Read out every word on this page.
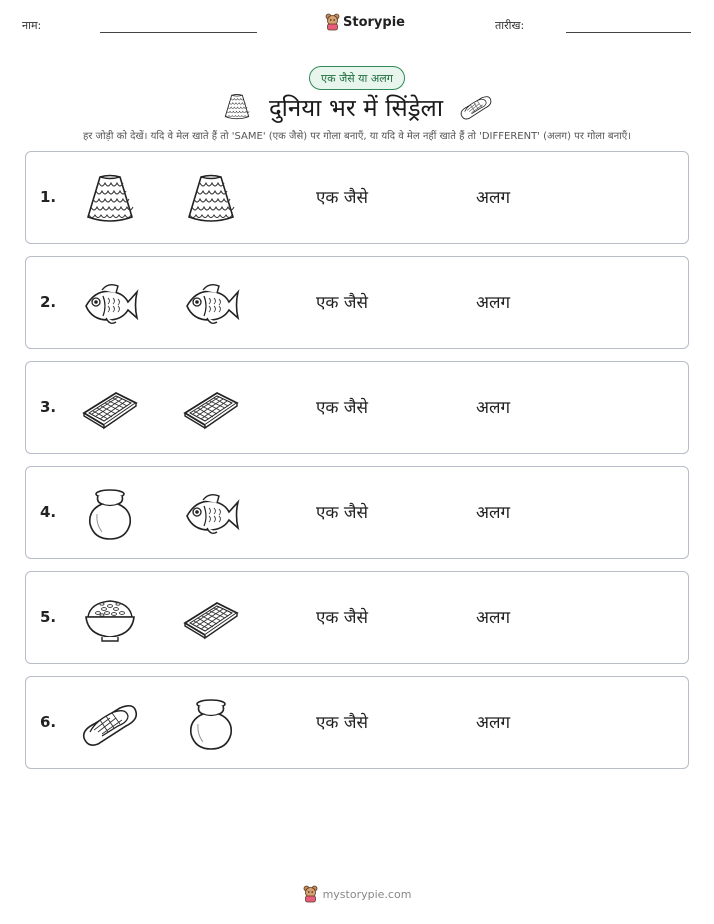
नाम:	Storypie	तारीख:
एक जैसे या अलग
दुनिया भर में सिंड्रेला
हर जोड़ी को देखें। यदि वे मेल खाते हैं तो 'SAME' (एक जैसे) पर गोला बनाएँ, या यदि वे मेल नहीं खाते हैं तो 'DIFFERENT' (अलग) पर गोला बनाएँ।
1.	एक जैसे	अलग
2.	एक जैसे	अलग
3.	एक जैसे	अलग
4.	एक जैसे	अलग
5.	एक जैसे	अलग
6.	एक जैसे	अलग
mystorypie.com
